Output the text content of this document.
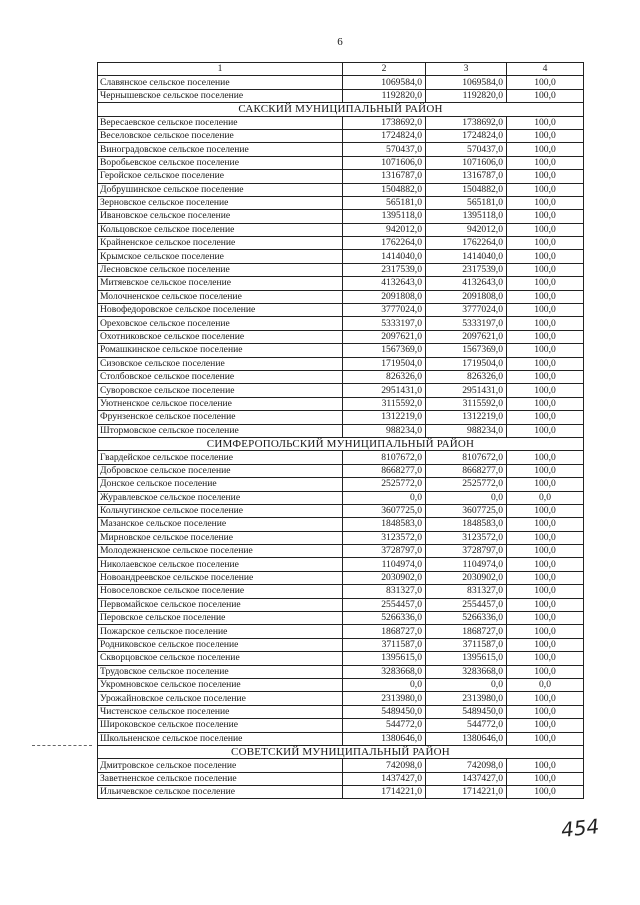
6
1	2	3	4
Славянское сельское поселение	1069584,0	1069584,0	100,0
Чернышевское сельское поселение	1192820,0	1192820,0	100,0
САКСКИЙ МУНИЦИПАЛЬНЫЙ РАЙОН			
Вересаевское сельское поселение	1738692,0	1738692,0	100,0
Веселовское сельское поселение	1724824,0	1724824,0	100,0
Виноградовское сельское поселение	570437,0	570437,0	100,0
Воробьевское сельское поселение	1071606,0	1071606,0	100,0
Геройское сельское поселение	1316787,0	1316787,0	100,0
Добрушинское сельское поселение	1504882,0	1504882,0	100,0
Зерновское сельское поселение	565181,0	565181,0	100,0
Ивановское сельское поселение	1395118,0	1395118,0	100,0
Кольцовское сельское поселение	942012,0	942012,0	100,0
Крайненское сельское поселение	1762264,0	1762264,0	100,0
Крымское сельское поселение	1414040,0	1414040,0	100,0
Лесновское сельское поселение	2317539,0	2317539,0	100,0
Митяевское сельское поселение	4132643,0	4132643,0	100,0
Молочненское сельское поселение	2091808,0	2091808,0	100,0
Новофедоровское сельское поселение	3777024,0	3777024,0	100,0
Ореховское сельское поселение	5333197,0	5333197,0	100,0
Охотниковское сельское поселение	2097621,0	2097621,0	100,0
Ромашкинское сельское поселение	1567369,0	1567369,0	100,0
Сизовское сельское поселение	1719504,0	1719504,0	100,0
Столбовское сельское поселение	826326,0	826326,0	100,0
Суворовское сельское поселение	2951431,0	2951431,0	100,0
Уютненское сельское поселение	3115592,0	3115592,0	100,0
Фрунзенское сельское поселение	1312219,0	1312219,0	100,0
Штормовское сельское поселение	988234,0	988234,0	100,0
СИМФЕРОПОЛЬСКИЙ МУНИЦИПАЛЬНЫЙ РАЙОН			
Гвардейское сельское поселение	8107672,0	8107672,0	100,0
Добровское сельское поселение	8668277,0	8668277,0	100,0
Донское сельское поселение	2525772,0	2525772,0	100,0
Журавлевское сельское поселение	0,0	0,0	0,0
Кольчугинское сельское поселение	3607725,0	3607725,0	100,0
Мазанское сельское поселение	1848583,0	1848583,0	100,0
Мирновское сельское поселение	3123572,0	3123572,0	100,0
Молодежненское сельское поселение	3728797,0	3728797,0	100,0
Николаевское сельское поселение	1104974,0	1104974,0	100,0
Новоандреевское сельское поселение	2030902,0	2030902,0	100,0
Новоселовское сельское поселение	831327,0	831327,0	100,0
Первомайское сельское поселение	2554457,0	2554457,0	100,0
Перовское сельское поселение	5266336,0	5266336,0	100,0
Пожарское сельское поселение	1868727,0	1868727,0	100,0
Родниковское сельское поселение	3711587,0	3711587,0	100,0
Скворцовское сельское поселение	1395615,0	1395615,0	100,0
Трудовское сельское поселение	3283668,0	3283668,0	100,0
Укромновское сельское поселение	0,0	0,0	0,0
Урожайновское сельское поселение	2313980,0	2313980,0	100,0
Чистенское сельское поселение	5489450,0	5489450,0	100,0
Широковское сельское поселение	544772,0	544772,0	100,0
Школьненское сельское поселение	1380646,0	1380646,0	100,0
СОВЕТСКИЙ МУНИЦИПАЛЬНЫЙ РАЙОН			
Дмитровское сельское поселение	742098,0	742098,0	100,0
Заветненское сельское поселение	1437427,0	1437427,0	100,0
Ильичевское сельское поселение	1714221,0	1714221,0	100,0
454
